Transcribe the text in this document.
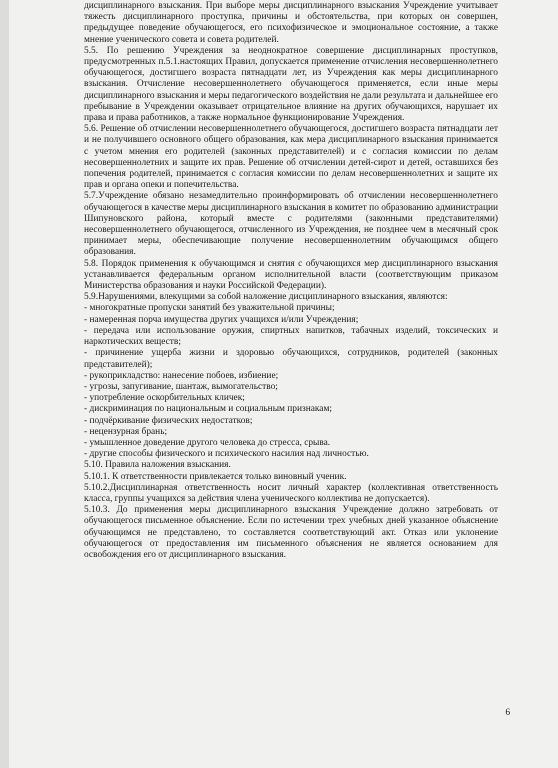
дисциплинарного взыскания. При выборе меры дисциплинарного взыскания Учреждение учитывает тяжесть дисциплинарного проступка, причины и обстоятельства, при которых он совершен, предыдущее поведение обучающегося, его психофизическое и эмоциональное состояние, а также мнение ученического совета и совета родителей.

5.5. По решению Учреждения за неоднократное совершение дисциплинарных проступков, предусмотренных п.5.1.настоящих Правил, допускается применение отчисления несовершеннолетнего обучающегося, достигшего возраста пятнадцати лет, из Учреждения как меры дисциплинарного взыскания. Отчисление несовершеннолетнего обучающегося применяется, если иные меры дисциплинарного взыскания и меры педагогического воздействия не дали результата и дальнейшее его пребывание в Учреждении оказывает отрицательное влияние на других обучающихся, нарушает их права и права работников, а также нормальное функционирование Учреждения.

5.6. Решение об отчислении несовершеннолетнего обучающегося, достигшего возраста пятнадцати лет и не получившего основного общего образования, как мера дисциплинарного взыскания принимается с учетом мнения его родителей (законных представителей) и с согласия комиссии по делам несовершеннолетних и защите их прав. Решение об отчислении детей-сирот и детей, оставшихся без попечения родителей, принимается с согласия комиссии по делам несовершеннолетних и защите их прав и органа опеки и попечительства.

5.7.Учреждение обязано незамедлительно проинформировать об отчислении несовершеннолетнего обучающегося в качестве меры дисциплинарного взыскания в комитет по образованию администрации Шипуновского района, который вместе с родителями (законными представителями) несовершеннолетнего обучающегося, отчисленного из Учреждения, не позднее чем в месячный срок принимает меры, обеспечивающие получение несовершеннолетним обучающимся общего образования.

5.8. Порядок применения к обучающимся и снятия с обучающихся мер дисциплинарного взыскания устанавливается федеральным органом исполнительной власти (соответствующим приказом Министерства образования и науки Российской Федерации).

5.9.Нарушениями, влекущими за собой наложение дисциплинарного взыскания, являются:

- многократные пропуски занятий без уважительной причины;

- намеренная порча имущества других учащихся и/или Учреждения;

- передача или использование оружия, спиртных напитков, табачных изделий, токсических и наркотических веществ;

- причинение ущерба жизни и здоровью обучающихся, сотрудников, родителей (законных представителей);

- рукоприкладство: нанесение побоев, избиение;

- угрозы, запугивание, шантаж, вымогательство;

- употребление оскорбительных кличек;

- дискриминация по национальным и социальным признакам;

- подчёркивание физических недостатков;

- нецензурная брань;

- умышленное доведение другого человека до стресса, срыва.

- другие способы физического и психического насилия над личностью.

5.10. Правила наложения взыскания.

5.10.1. К ответственности привлекается только виновный ученик.

5.10.2.Дисциплинарная ответственность носит личный характер (коллективная ответственность класса, группы учащихся за действия члена ученического коллектива не допускается).

5.10.3. До применения меры дисциплинарного взыскания Учреждение должно затребовать от обучающегося письменное объяснение. Если по истечении трех учебных дней указанное объяснение обучающимся не представлено, то составляется соответствующий акт. Отказ или уклонение обучающегося от предоставления им письменного объяснения не является основанием для освобождения его от дисциплинарного взыскания.

6
